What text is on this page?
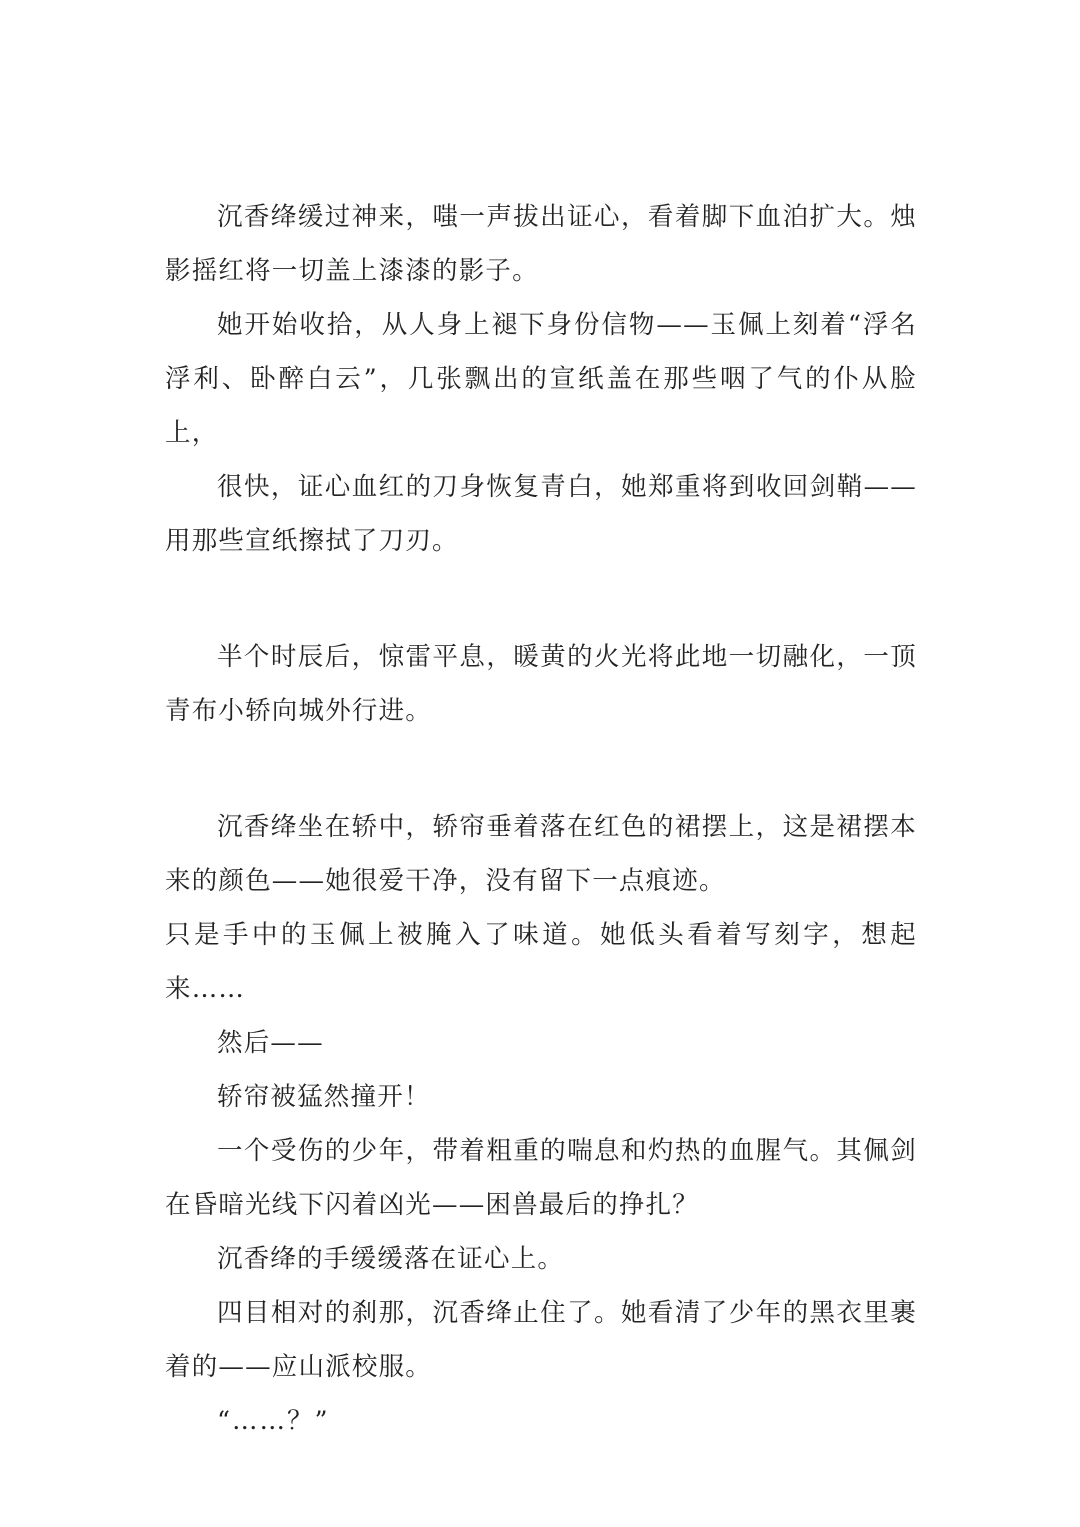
沉香绛缓过神来，嗤一声拔出证心，看着脚下血泊扩大。烛影摇红将一切盖上漆漆的影子。

她开始收拾，从人身上褪下身份信物——玉佩上刻着“浮名浮利、卧醉白云”，几张飘出的宣纸盖在那些咽了气的仆从脸上，

很快，证心血红的刀身恢复青白，她郑重将到收回剑鞘——用那些宣纸擦拭了刀刃。

半个时辰后，惊雷平息，暖黄的火光将此地一切融化，一顶青布小轿向城外行进。

沉香绛坐在轿中，轿帘垂着落在红色的裙摆上，这是裙摆本来的颜色——她很爱干净，没有留下一点痕迹。

只是手中的玉佩上被腌入了味道。她低头看着写刻字，想起来……

然后——

轿帘被猛然撞开！

一个受伤的少年，带着粗重的喘息和灼热的血腥气。其佩剑在昏暗光线下闪着凶光——困兽最后的挣扎？

沉香绛的手缓缓落在证心上。

四目相对的刹那，沉香绛止住了。她看清了少年的黑衣里裹着的——应山派校服。

“……？”
